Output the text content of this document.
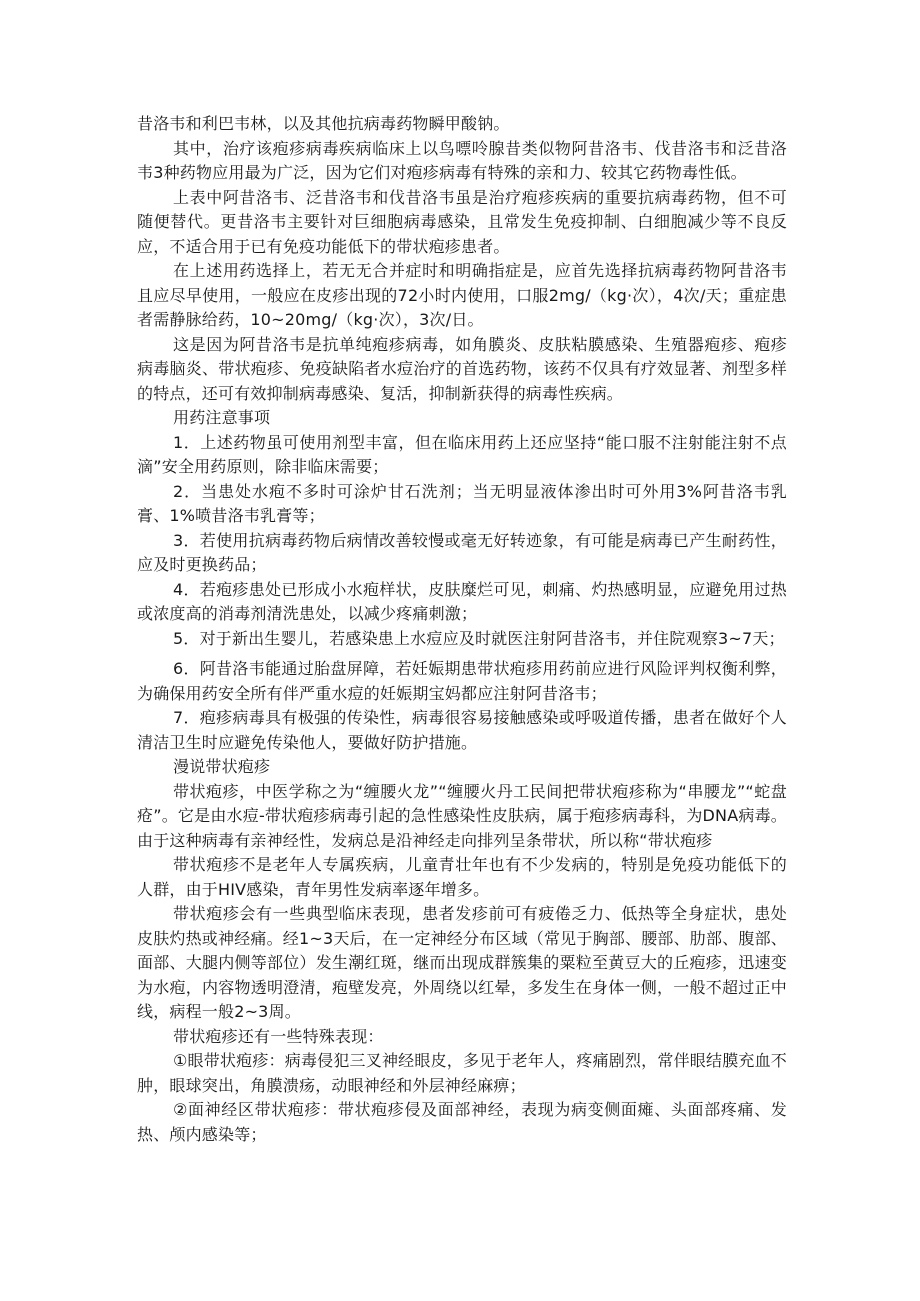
昔洛韦和利巴韦林，以及其他抗病毒药物瞬甲酸钠。

其中，治疗该疱疹病毒疾病临床上以鸟嘌呤腺昔类似物阿昔洛韦、伐昔洛韦和泛昔洛韦3种药物应用最为广泛，因为它们对疱疹病毒有特殊的亲和力、较其它药物毒性低。

上表中阿昔洛韦、泛昔洛韦和伐昔洛韦虽是治疗疱疹疾病的重要抗病毒药物，但不可随便替代。更昔洛韦主要针对巨细胞病毒感染，且常发生免疫抑制、白细胞减少等不良反应，不适合用于已有免疫功能低下的带状疱疹患者。

在上述用药选择上，若无无合并症时和明确指症是，应首先选择抗病毒药物阿昔洛韦且应尽早使用，一般应在皮疹出现的72小时内使用，口服2mg∕（kg·次），4次/天；重症患者需静脉给药，10~20mg∕（kg·次），3次/日。

这是因为阿昔洛韦是抗单纯疱疹病毒，如角膜炎、皮肤粘膜感染、生殖器疱疹、疱疹病毒脑炎、带状疱疹、免疫缺陷者水痘治疗的首选药物，该药不仅具有疗效显著、剂型多样的特点，还可有效抑制病毒感染、复活，抑制新获得的病毒性疾病。

用药注意事项

1．上述药物虽可使用剂型丰富，但在临床用药上还应坚持“能口服不注射能注射不点滴”安全用药原则，除非临床需要；

2．当患处水疱不多时可涂炉甘石洗剂；当无明显液体渗出时可外用3%阿昔洛韦乳膏、1%喷昔洛韦乳膏等；

3．若使用抗病毒药物后病情改善较慢或毫无好转迹象，有可能是病毒已产生耐药性，应及时更换药品；

4．若疱疹患处已形成小水疱样状，皮肤糜烂可见，刺痛、灼热感明显，应避免用过热或浓度高的消毒剂清洗患处，以减少疼痛刺激；

5．对于新出生婴儿，若感染患上水痘应及时就医注射阿昔洛韦，并住院观察3~7天；

6．阿昔洛韦能通过胎盘屏障，若妊娠期患带状疱疹用药前应进行风险评判权衡利弊，为确保用药安全所有伴严重水痘的妊娠期宝妈都应注射阿昔洛韦；

7．疱疹病毒具有极强的传染性，病毒很容易接触感染或呼吸道传播，患者在做好个人清洁卫生时应避免传染他人，要做好防护措施。

漫说带状疱疹

带状疱疹，中医学称之为“缠腰火龙”“缠腰火丹工民间把带状疱疹称为“串腰龙”“蛇盘疮”。它是由水痘-带状疱疹病毒引起的急性感染性皮肤病，属于疱疹病毒科，为DNA病毒。由于这种病毒有亲神经性，发病总是沿神经走向排列呈条带状，所以称“带状疱疹

带状疱疹不是老年人专属疾病，儿童青壮年也有不少发病的，特别是免疫功能低下的人群，由于HIV感染，青年男性发病率逐年增多。

带状疱疹会有一些典型临床表现，患者发疹前可有疲倦乏力、低热等全身症状，患处皮肤灼热或神经痛。经1~3天后，在一定神经分布区域（常见于胸部、腰部、肋部、腹部、面部、大腿内侧等部位）发生潮红斑，继而出现成群簇集的粟粒至黄豆大的丘疱疹，迅速变为水疱，内容物透明澄清，疱壁发亮，外周绕以红晕，多发生在身体一侧，一般不超过正中线，病程一般2~3周。

带状疱疹还有一些特殊表现：

①眼带状疱疹：病毒侵犯三叉神经眼皮，多见于老年人，疼痛剧烈，常伴眼结膜充血不肿，眼球突出，角膜溃疡，动眼神经和外层神经麻痹；

②面神经区带状疱疹：带状疱疹侵及面部神经，表现为病变侧面瘫、头面部疼痛、发热、颅内感染等；
